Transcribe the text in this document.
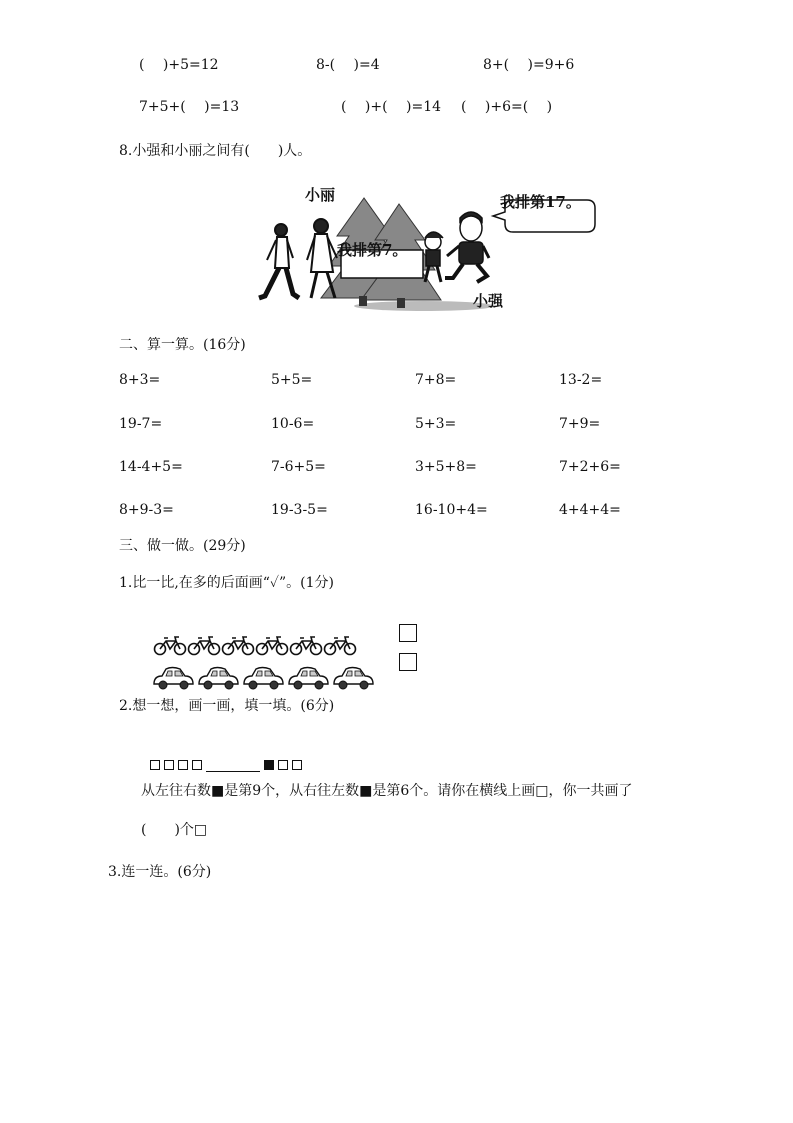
(　 )+5=12	8-(　 )=4	8+(　 )=9+6
7+5+(　 )=13	(　 )+(　 )=14 (　 )+6=(　 )
8.小强和小丽之间有(　　)人。

小丽

小强

我排第7。

我排第17。

二、算一算。(16分)
8+3=	5+5=	7+8=	13-2=
19-7=	10-6=	5+3=	7+9=
14-4+5=	7-6+5=	3+5+8=	7+2+6=
8+9-3=	19-3-5=	16-10+4=	4+4+4=
三、做一做。(29分)
1.比一比,在多的后面画“✓”。(1分)

2.想一想，画一画，填一填。(6分)

从左往右数■是第9个，从右往左数■是第6个。请你在横线上画□，你一共画了
(　　)个□
3.连一连。(6分)
